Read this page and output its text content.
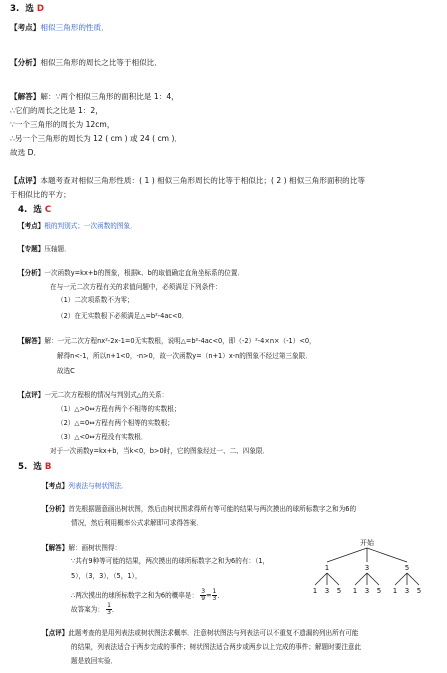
3. 选 D
【考点】相似三角形的性质．
【分析】相似三角形的周长之比等于相似比．
【解答】解：∵两个相似三角形的面积比是 1：4，
∴它们的周长之比是 1：2，
∵一个三角形的周长为 12cm，
∴另一个三角形的周长为 12 ( cm ) 或 24 ( cm )．
故选 D．
【点评】本题考查对相似三角形性质：( 1 ) 相似三角形周长的比等于相似比；( 2 ) 相似三角形面积的比等
于相似比的平方；
4. 选 C
【考点】根的判别式；一次函数的图象．
【专题】压轴题．
【分析】一次函数y=kx+b的图象，根据k、b的取值确定直角坐标系的位置．
在与一元二次方程有关的求值问题中，必须满足下列条件：
（1）二次项系数不为零；
（2）在无实数根下必须满足△=b²-4ac<0．
【解答】解：一元二次方程nx²-2x-1=0无实数根，说明△=b²-4ac<0，即（-2）²-4×n×（-1）<0，
解得n<-1，所以n+1<0，-n>0，故一次函数y=（n+1）x-n的图象不经过第三象限．
故选C
【点评】一元二次方程根的情况与判别式△的关系：
（1）△>0⇔方程有两个不相等的实数根；
（2）△=0⇔方程有两个相等的实数根；
（3）△<0⇔方程没有实数根．
对于一次函数y=kx+b，当k<0，b>0时，它的图象经过一、二、四象限．
5. 选 B
【考点】列表法与树状图法．
【分析】首先根据题意画出树状图，然后由树状图求得所有等可能的结果与两次摸出的球所标数字之和为6的
情况，然后利用概率公式求解即可求得答案．
【解答】解：画树状图得：
∵共有9种等可能的结果，两次摸出的球所标数字之和为6的有：（1，
5），（3，3），（5，1），
∴两次摸出的球所标数字之和为6的概率是： $\frac{3}{9} = \frac{1}{3}$ ．
故答案为： $\frac{1}{3}$ ．
开始
1	3	5
1 3 5 1 3 5 1 3 5
【点评】此题考查的是用列表法或树状图法求概率．注意树状图法与列表法可以不重复不遗漏的列出所有可能
的结果，列表法适合于两步完成的事件；树状图法适合两步或两步以上完成的事件；解题时要注意此
题是放回实验．
